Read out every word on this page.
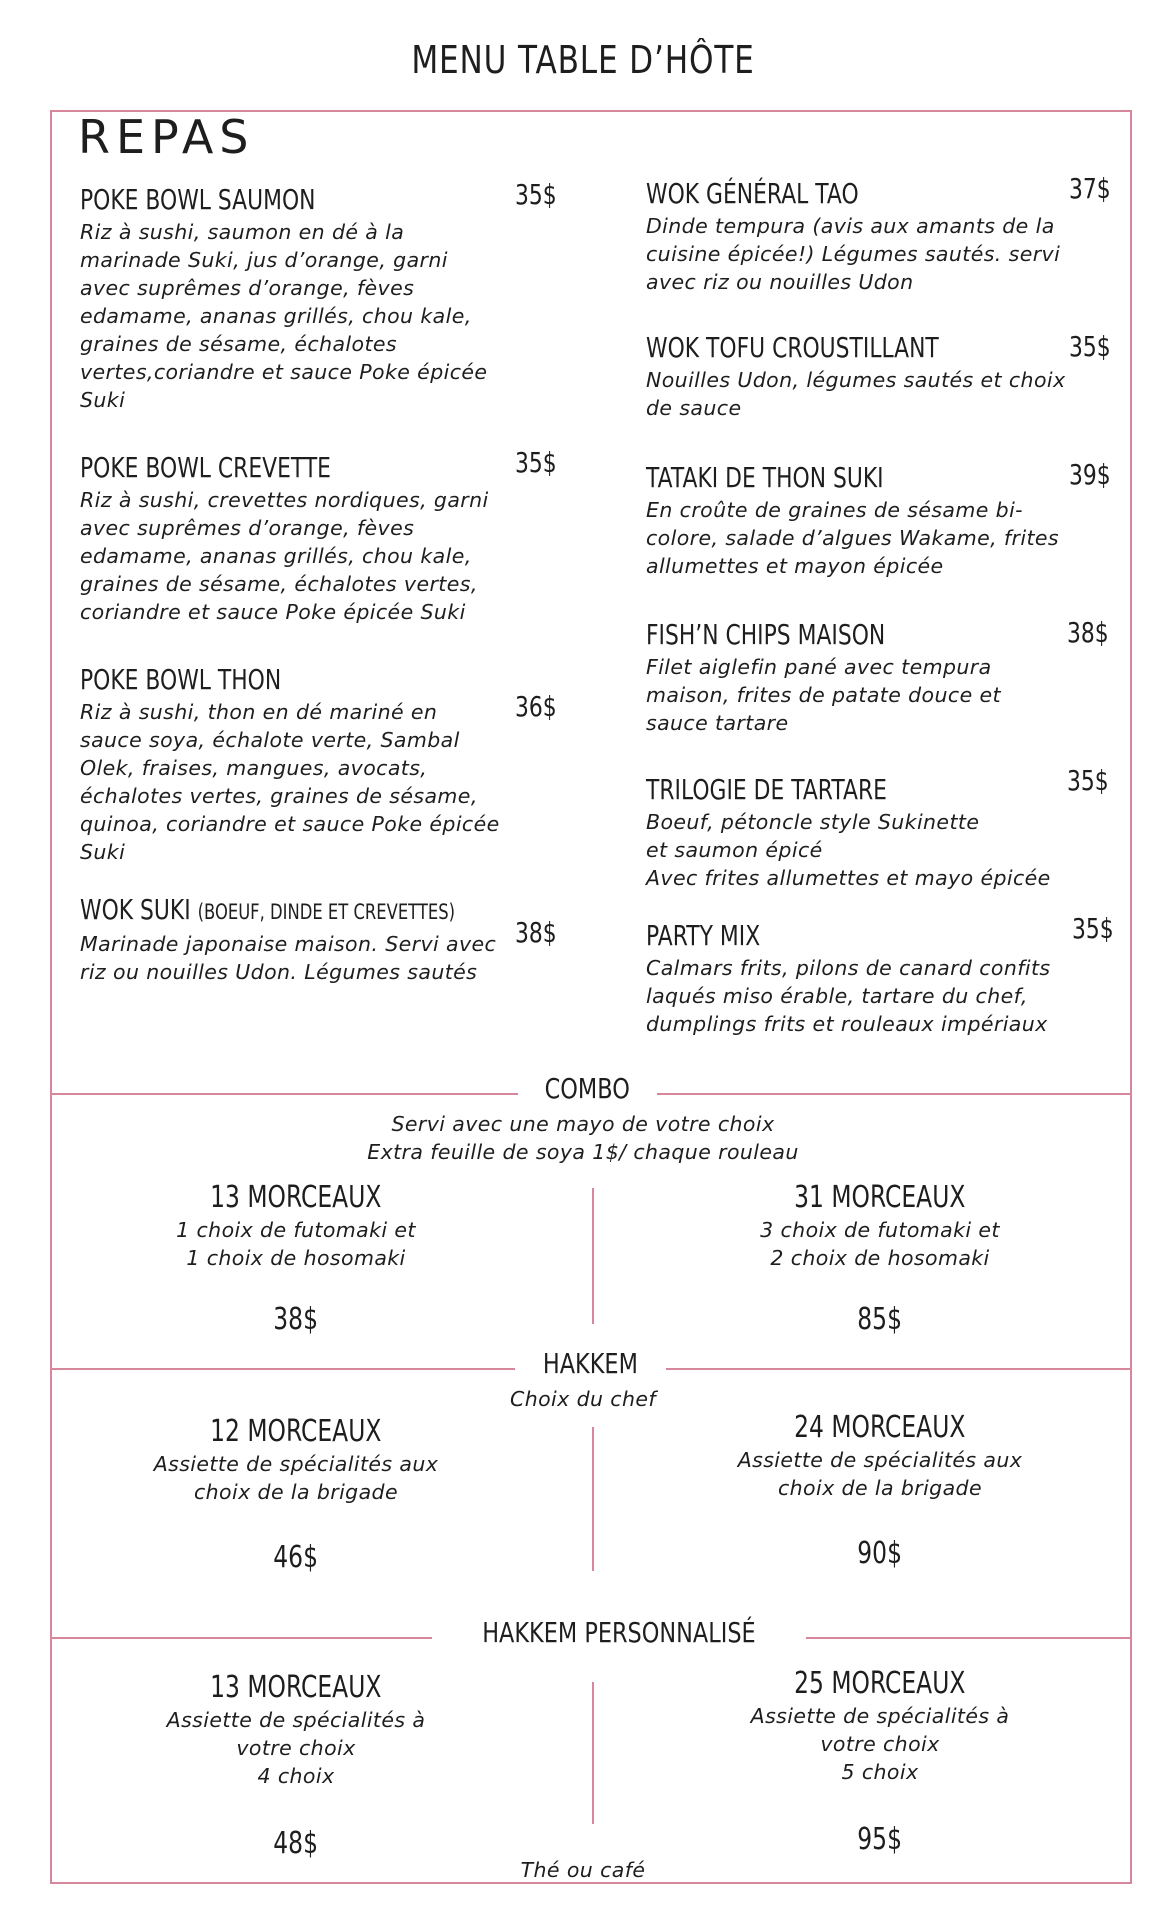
MENU TABLE D’HÔTE
REPAS
POKE BOWL SAUMON
Riz à sushi, saumon en dé à la marinade Suki, jus d’orange, garni avec suprêmes d’orange, fèves edamame, ananas grillés, chou kale, graines de sésame, échalotes vertes,coriandre et sauce Poke épicée Suki
35$
POKE BOWL CREVETTE
Riz à sushi, crevettes nordiques, garni avec suprêmes d’orange, fèves edamame, ananas grillés, chou kale, graines de sésame, échalotes vertes, coriandre et sauce Poke épicée Suki
35$
POKE BOWL THON
Riz à sushi, thon en dé mariné en sauce soya, échalote verte, Sambal Olek, fraises, mangues, avocats, échalotes vertes, graines de sésame, quinoa, coriandre et sauce Poke épicée Suki
36$
WOK SUKI (BOEUF, DINDE ET CREVETTES)
Marinade japonaise maison. Servi avec riz ou nouilles Udon. Légumes sautés
38$
WOK GÉNÉRAL TAO
Dinde tempura (avis aux amants de la cuisine épicée!) Légumes sautés. servi avec riz ou nouilles Udon
37$
WOK TOFU CROUSTILLANT
Nouilles Udon, légumes sautés et choix de sauce
35$
TATAKI DE THON SUKI
En croûte de graines de sésame bi-colore, salade d’algues Wakame, frites allumettes et mayon épicée
39$
FISH’N CHIPS MAISON
Filet aiglefin pané avec tempura maison, frites de patate douce et sauce tartare
38$
TRILOGIE DE TARTARE
Boeuf, pétoncle style Sukinette
et saumon épicé
Avec frites allumettes et mayo épicée
35$
PARTY MIX
Calmars frits, pilons de canard confits laqués miso érable, tartare du chef, dumplings frits et rouleaux impériaux
35$
COMBO
Servi avec une mayo de votre choix
Extra feuille de soya 1$/ chaque rouleau
13 MORCEAUX
1 choix de futomaki et
1 choix de hosomaki
38$
31 MORCEAUX
3 choix de futomaki et
2 choix de hosomaki
85$
HAKKEM
Choix du chef
12 MORCEAUX
Assiette de spécialités aux
choix de la brigade
46$
24 MORCEAUX
Assiette de spécialités aux
choix de la brigade
90$
HAKKEM PERSONNALISÉ
13 MORCEAUX
Assiette de spécialités à
votre choix
4 choix
48$
25 MORCEAUX
Assiette de spécialités à
votre choix
5 choix
95$
Thé ou café
